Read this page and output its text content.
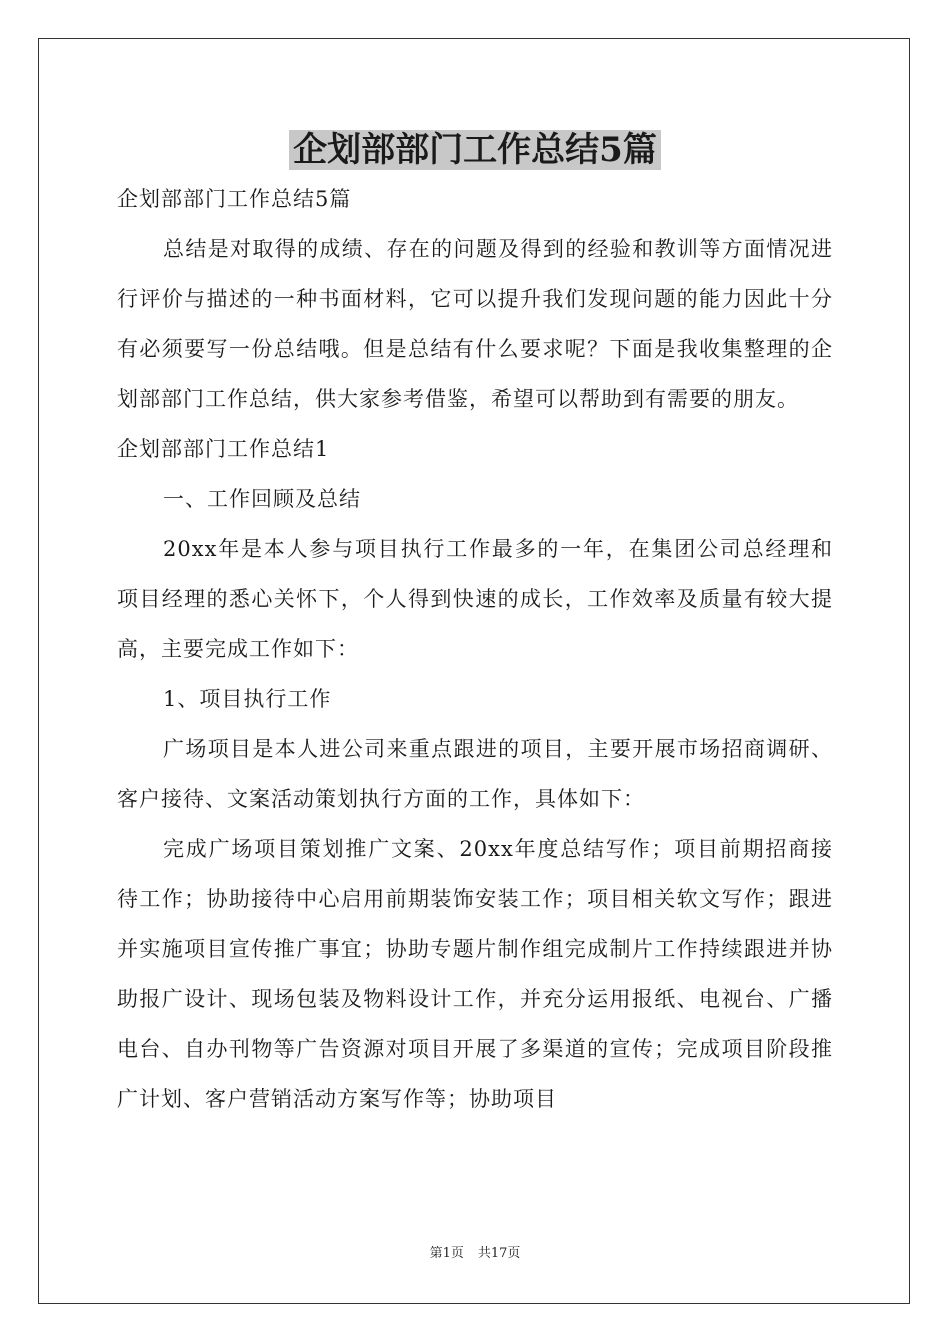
企划部部门工作总结5篇

企划部部门工作总结5篇

总结是对取得的成绩、存在的问题及得到的经验和教训等方面情况进行评价与描述的一种书面材料，它可以提升我们发现问题的能力因此十分有必须要写一份总结哦。但是总结有什么要求呢？下面是我收集整理的企划部部门工作总结，供大家参考借鉴，希望可以帮助到有需要的朋友。

企划部部门工作总结1

一、工作回顾及总结

20xx年是本人参与项目执行工作最多的一年，在集团公司总经理和项目经理的悉心关怀下，个人得到快速的成长，工作效率及质量有较大提高，主要完成工作如下：

1、项目执行工作

广场项目是本人进公司来重点跟进的项目，主要开展市场招商调研、客户接待、文案活动策划执行方面的工作，具体如下：

完成广场项目策划推广文案、20xx年度总结写作；项目前期招商接待工作；协助接待中心启用前期装饰安装工作；项目相关软文写作；跟进并实施项目宣传推广事宜；协助专题片制作组完成制片工作持续跟进并协助报广设计、现场包装及物料设计工作，并充分运用报纸、电视台、广播电台、自办刊物等广告资源对项目开展了多渠道的宣传；完成项目阶段推广计划、客户营销活动方案写作等；协助项目

第1页 共17页
